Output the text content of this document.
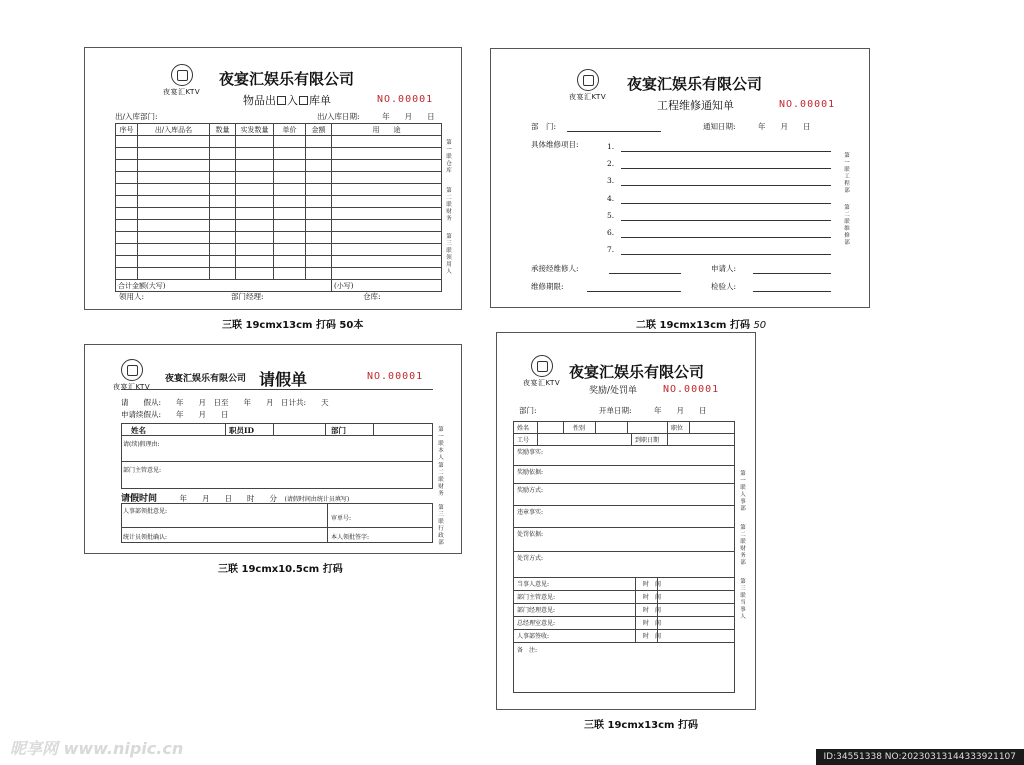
夜宴汇KTV
夜宴汇娱乐有限公司
物品出 入 库单	NO.00001
出/入库部门:	出/入库日期:　　　	年　　 月　　 日
序号	出/入库品名	数量	实发数量	单价	金额	用　　途

合计金额(大写)						(小写)
领用人:	部门经理:	仓库:
第一联仓库
第二联财务
第三联领用人
三联 19cmx13cm 打码 50本
夜宴汇KTV
夜宴汇娱乐有限公司
工程维修通知单	NO.00001
部　门:	通知日期:　　　	年　　 月　　 日
具体维修项目:	1.
2.
3.
4.
5.
6.
7.
承接经维修人:	申请人:
维修期限:	检验人:
第一联工程部
第二联维修部
二联 19cmx13cm 打码 50
夜宴汇KTV
夜宴汇娱乐有限公司 请假单	NO.00001
请　　假从:　　 年　　 月　 日至　　 年　　 月　 日计共:　　 天
申请续假从:　　 年　　 月　　 日
姓名	职员ID	部门
请(续)假理由:
部门主管意见:
请假时间　　　	年　　 月　　 日　　 时　　 分　 (请假时间由统计员填写)
人事部领批意见:
审单号:
统计员领批确认:	本人领批签字:
第一联本人
第二联财务
第三联行政部
三联 19cmx10.5cm 打码
夜宴汇KTV
夜宴汇娱乐有限公司
奖励/处罚单	NO.00001
部门:	开单日期:　　　	年　　 月　　 日
姓名	性别	职位
工号	到职日期
奖励事实:
奖励依据:
奖励方式:
违章事实:
处罚依据:
处罚方式:
当事人意见:	时　间
部门主管意见:	时　间
部门经理意见:	时　间
总经理室意见:	时　间
人事部签收:	时　间
备　注:
第一联人事部
第二联财务部
第三联当事人
三联 19cmx13cm 打码
昵享网 www.nipic.cn	ID:34551338 NO:20230313144333921107
